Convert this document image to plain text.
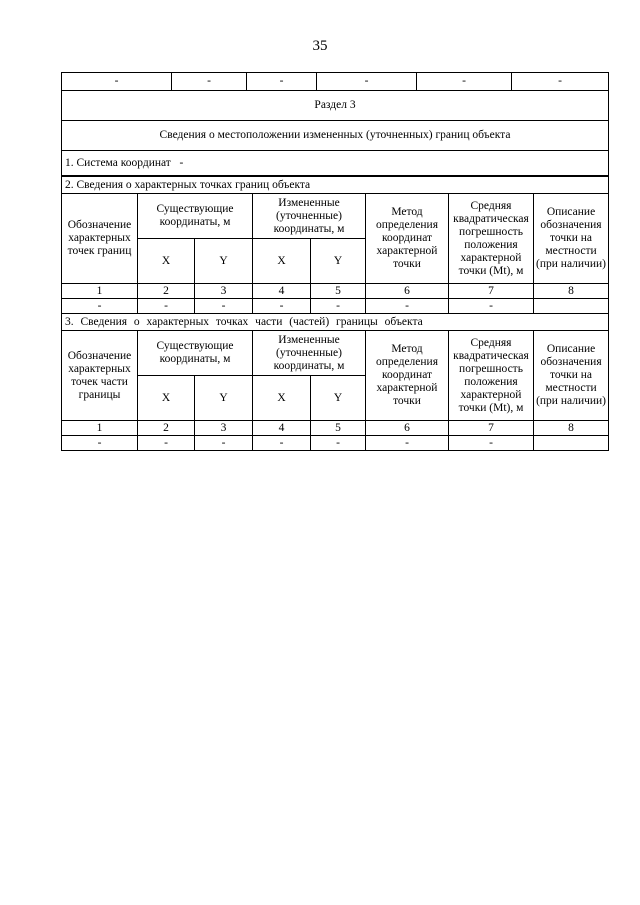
35
-	-	-	-	-	-
Раздел 3
Сведения о местоположении измененных (уточненных) границ объекта
1. Система координат -
2. Сведения о характерных точках границ объекта							
Обозначение характерных точек границ	Существующие координаты, м		Измененные (уточненные) координаты, м		Метод определения координат характерной точки	Средняя квадратическая погрешность положения характерной точки (Mt), м	Описание обозначения точки на местности (при наличии)
	X	Y	X	Y			
1	2	3	4	5	6	7	8
-	-	-	-	-	-	-	
3. Сведения о характерных точках части (частей) границы объекта							
Обозначение характерных точек части границы	Существующие координаты, м		Измененные (уточненные) координаты, м		Метод определения координат характерной точки	Средняя квадратическая погрешность положения характерной точки (Mt), м	Описание обозначения точки на местности (при наличии)
	X	Y	X	Y			
1	2	3	4	5	6	7	8
-	-	-	-	-	-	-	
